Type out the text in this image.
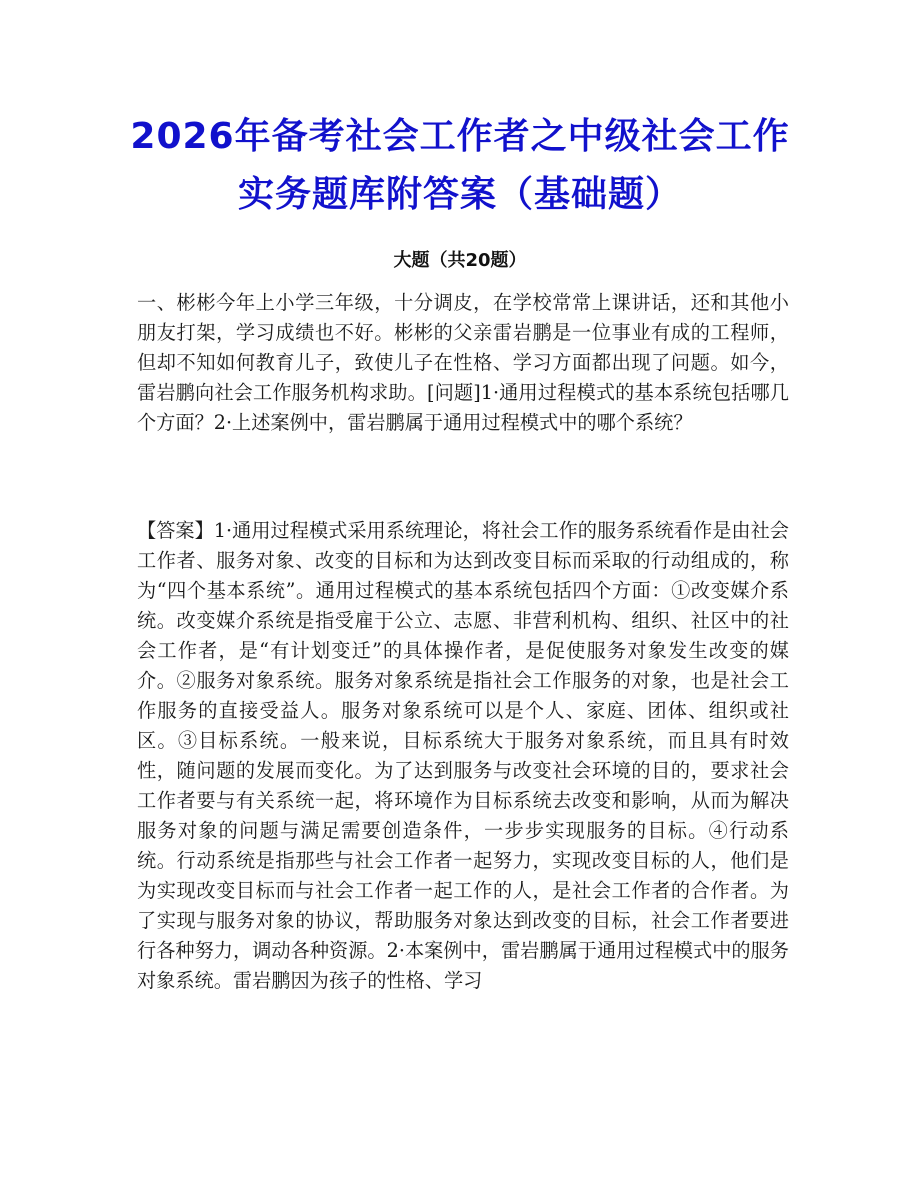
2026年备考社会工作者之中级社会工作实务题库附答案（基础题）
大题（共20题）
一、彬彬今年上小学三年级，十分调皮，在学校常常上课讲话，还和其他小朋友打架，学习成绩也不好。彬彬的父亲雷岩鹏是一位事业有成的工程师，但却不知如何教育儿子，致使儿子在性格、学习方面都出现了问题。如今，雷岩鹏向社会工作服务机构求助。[问题]1·通用过程模式的基本系统包括哪几个方面？2·上述案例中，雷岩鹏属于通用过程模式中的哪个系统？
【答案】1·通用过程模式采用系统理论，将社会工作的服务系统看作是由社会工作者、服务对象、改变的目标和为达到改变目标而采取的行动组成的，称为“四个基本系统”。通用过程模式的基本系统包括四个方面：①改变媒介系统。改变媒介系统是指受雇于公立、志愿、非营利机构、组织、社区中的社会工作者，是“有计划变迁”的具体操作者，是促使服务对象发生改变的媒介。②服务对象系统。服务对象系统是指社会工作服务的对象，也是社会工作服务的直接受益人。服务对象系统可以是个人、家庭、团体、组织或社区。③目标系统。一般来说，目标系统大于服务对象系统，而且具有时效性，随问题的发展而变化。为了达到服务与改变社会环境的目的，要求社会工作者要与有关系统一起，将环境作为目标系统去改变和影响，从而为解决服务对象的问题与满足需要创造条件，一步步实现服务的目标。④行动系统。行动系统是指那些与社会工作者一起努力，实现改变目标的人，他们是为实现改变目标而与社会工作者一起工作的人，是社会工作者的合作者。为了实现与服务对象的协议，帮助服务对象达到改变的目标，社会工作者要进行各种努力，调动各种资源。2·本案例中，雷岩鹏属于通用过程模式中的服务对象系统。雷岩鹏因为孩子的性格、学习
